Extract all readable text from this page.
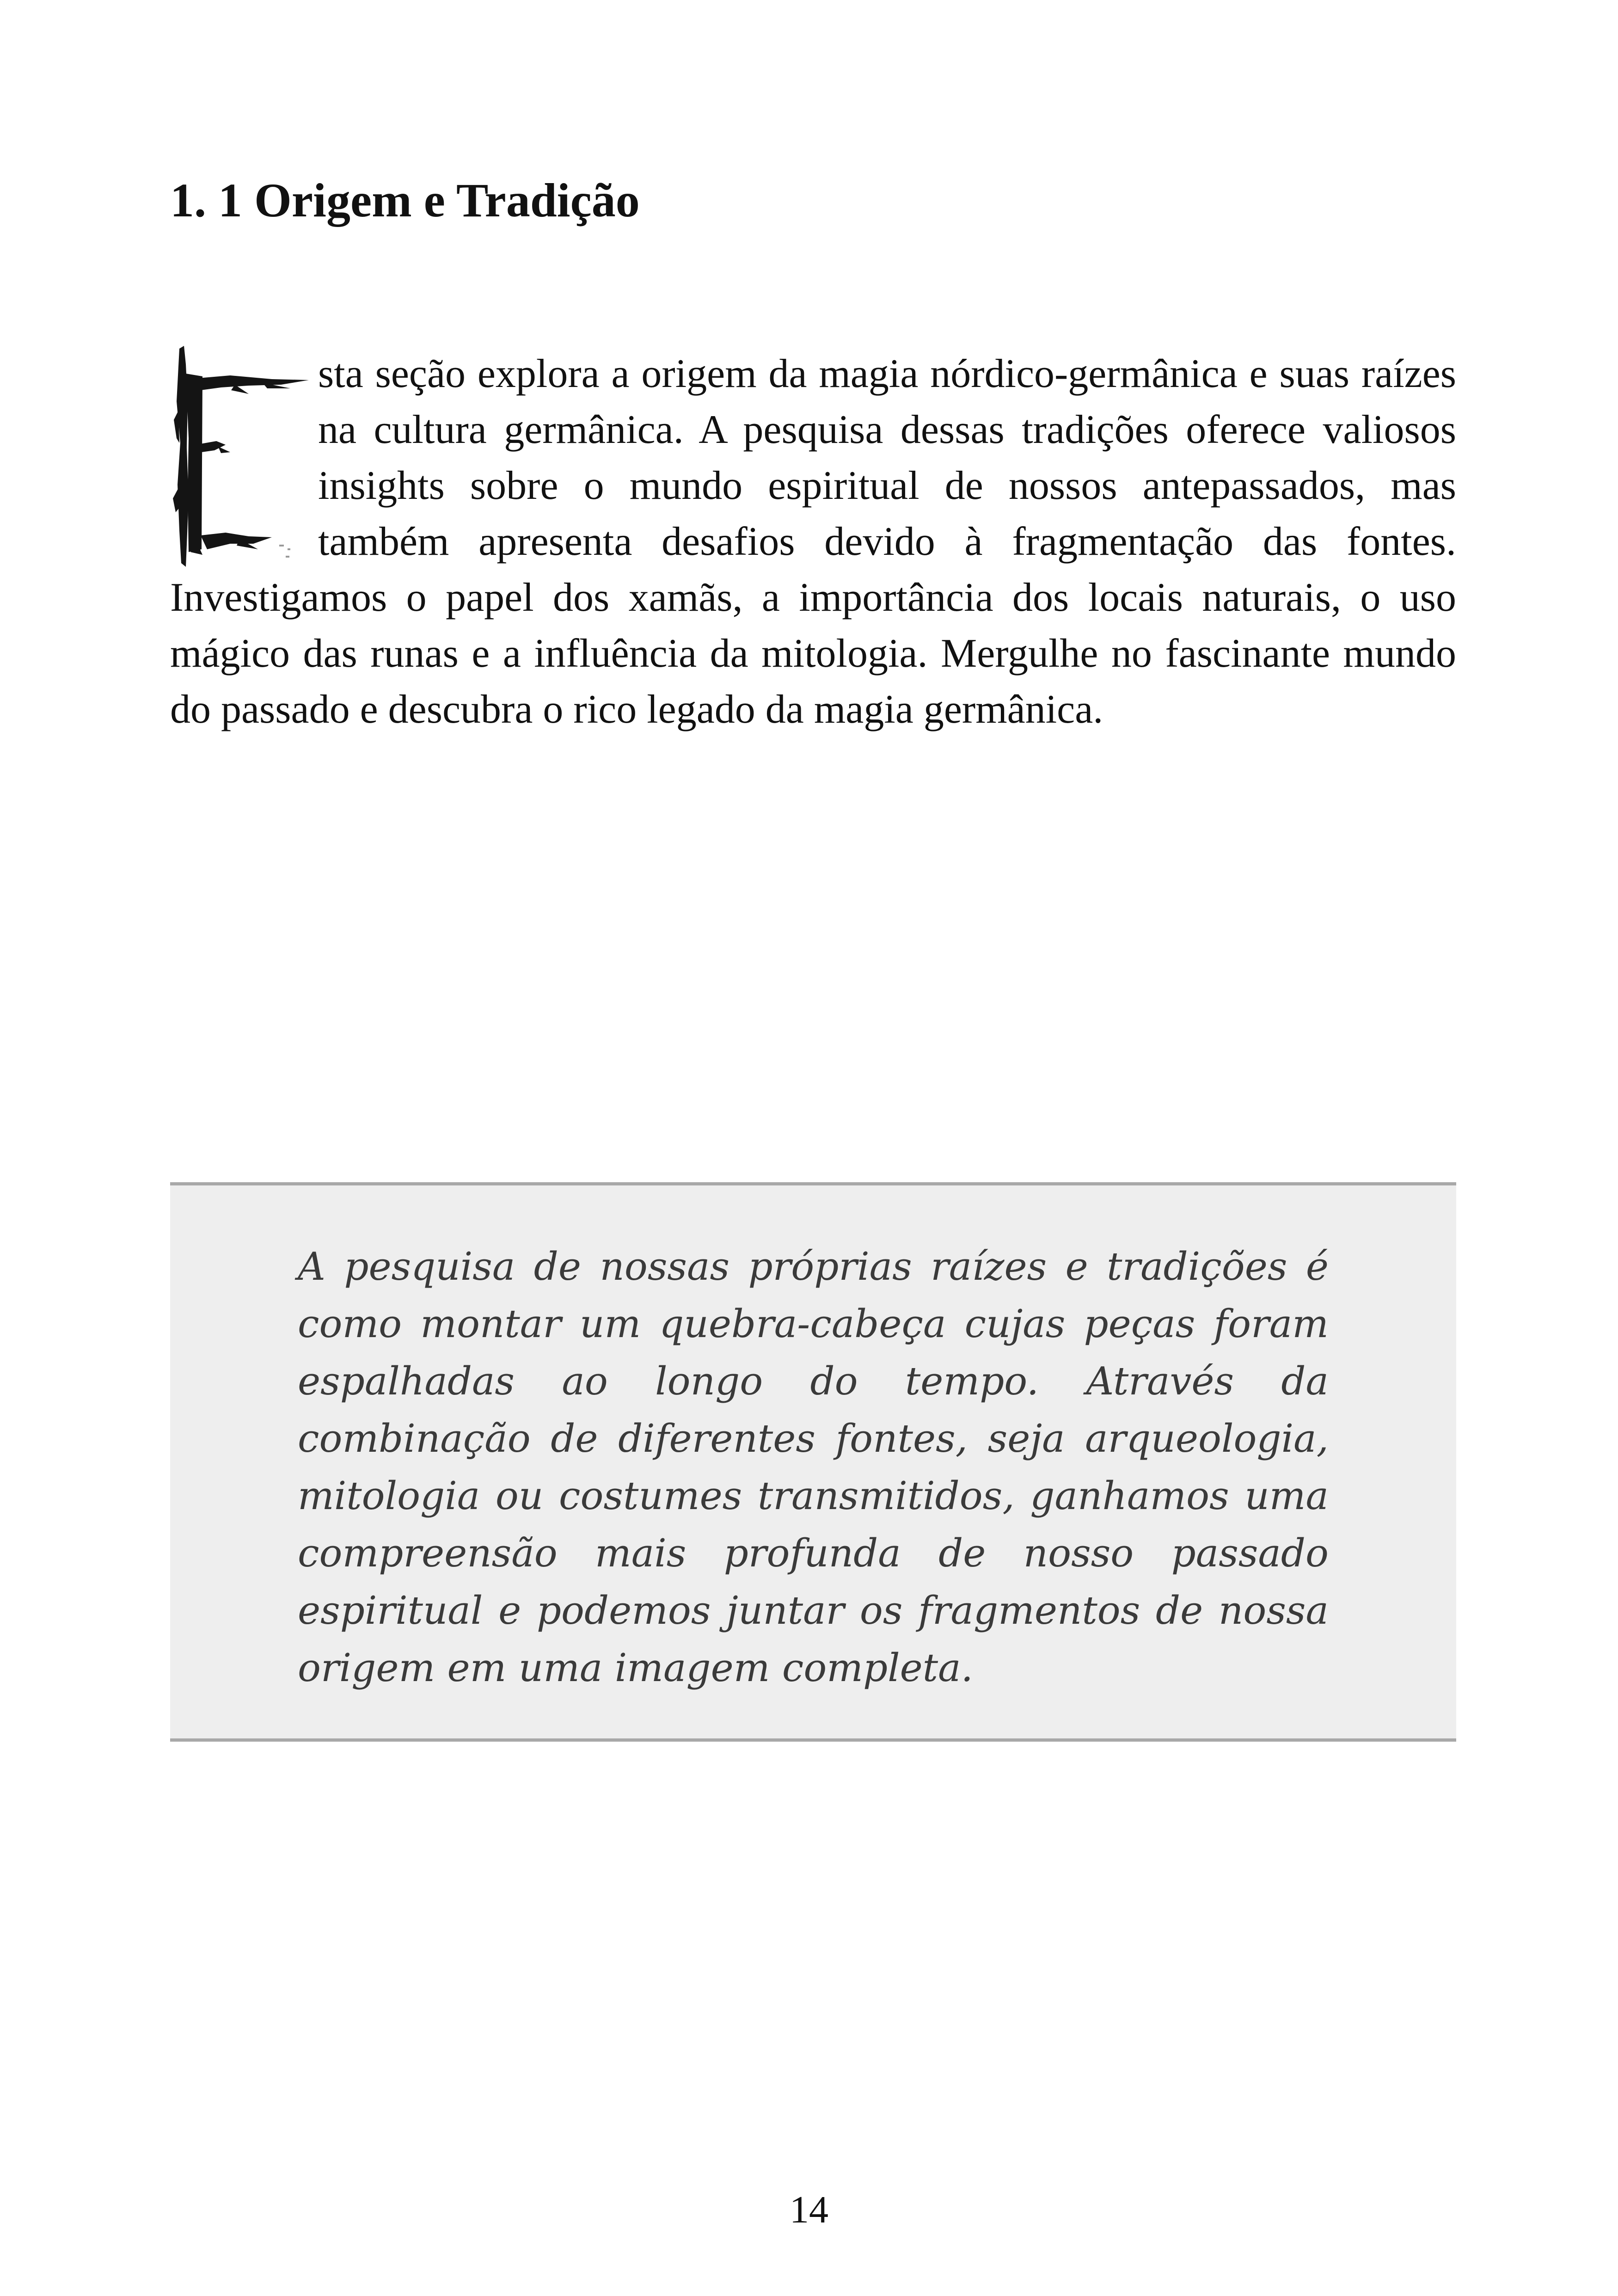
1. 1 Origem e Tradição

sta seção explora a origem da magia nórdico-germânica e suas raízes na cultura germânica. A pesquisa dessas tradições oferece valiosos insights sobre o mundo espiritual de nossos antepassados, mas também apresenta desafios devido à fragmentação das fontes. Investigamos o papel dos xamãs, a importância dos locais naturais, o uso mágico das runas e a influência da mitologia. Mergulhe no fascinante mundo do passado e descubra o rico legado da magia germânica.

A pesquisa de nossas próprias raízes e tradições é como montar um quebra-cabeça cujas peças foram espalhadas ao longo do tempo. Através da combinação de diferentes fontes, seja arqueologia, mitologia ou costumes transmitidos, ganhamos uma compreensão mais profunda de nosso passado espiritual e podemos juntar os fragmentos de nossa origem em uma imagem completa.

14
